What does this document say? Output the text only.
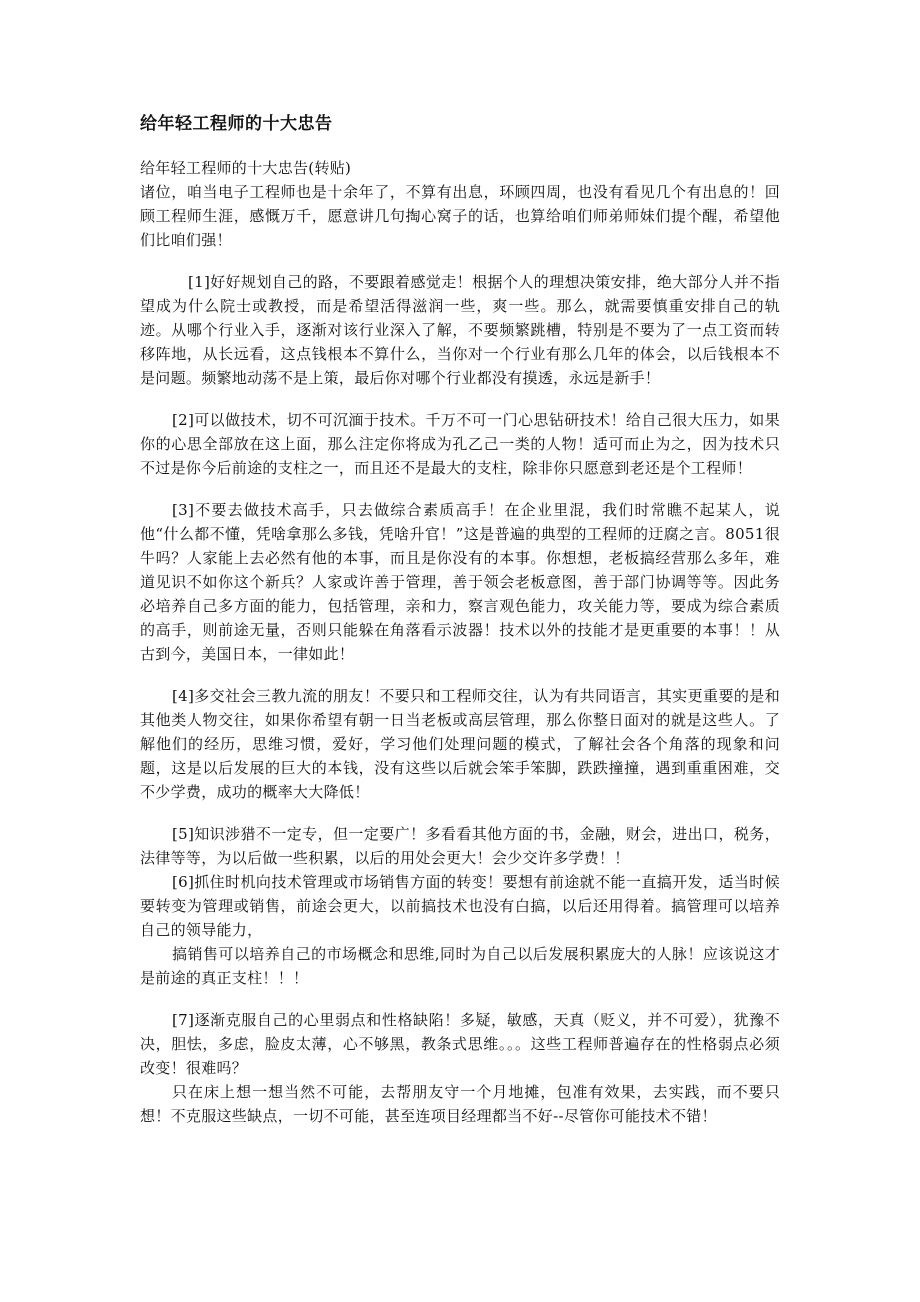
给年轻工程师的十大忠告

给年轻工程师的十大忠告(转贴)

诸位，咱当电子工程师也是十余年了，不算有出息，环顾四周，也没有看见几个有出息的！回顾工程师生涯，感慨万千，愿意讲几句掏心窝子的话，也算给咱们师弟师妹们提个醒，希望他们比咱们强！

[1]好好规划自己的路，不要跟着感觉走！根据个人的理想决策安排，绝大部分人并不指望成为什么院士或教授，而是希望活得滋润一些，爽一些。那么，就需要慎重安排自己的轨迹。从哪个行业入手，逐渐对该行业深入了解，不要频繁跳槽，特别是不要为了一点工资而转移阵地，从长远看，这点钱根本不算什么，当你对一个行业有那么几年的体会，以后钱根本不是问题。频繁地动荡不是上策，最后你对哪个行业都没有摸透，永远是新手！

[2]可以做技术，切不可沉湎于技术。千万不可一门心思钻研技术！给自己很大压力，如果你的心思全部放在这上面，那么注定你将成为孔乙己一类的人物！适可而止为之，因为技术只不过是你今后前途的支柱之一，而且还不是最大的支柱，除非你只愿意到老还是个工程师！

[3]不要去做技术高手，只去做综合素质高手！在企业里混，我们时常瞧不起某人，说他“什么都不懂，凭啥拿那么多钱，凭啥升官！”这是普遍的典型的工程师的迂腐之言。8051很牛吗？人家能上去必然有他的本事，而且是你没有的本事。你想想，老板搞经营那么多年，难道见识不如你这个新兵？人家或许善于管理，善于领会老板意图，善于部门协调等等。因此务必培养自己多方面的能力，包括管理，亲和力，察言观色能力，攻关能力等，要成为综合素质的高手，则前途无量，否则只能躲在角落看示波器！技术以外的技能才是更重要的本事！！从古到今，美国日本，一律如此！

[4]多交社会三教九流的朋友！不要只和工程师交往，认为有共同语言，其实更重要的是和其他类人物交往，如果你希望有朝一日当老板或高层管理，那么你整日面对的就是这些人。了解他们的经历，思维习惯，爱好，学习他们处理问题的模式，了解社会各个角落的现象和问题，这是以后发展的巨大的本钱，没有这些以后就会笨手笨脚，跌跌撞撞，遇到重重困难，交不少学费，成功的概率大大降低！

[5]知识涉猎不一定专，但一定要广！多看看其他方面的书，金融，财会，进出口，税务，法律等等，为以后做一些积累，以后的用处会更大！会少交许多学费！！

[6]抓住时机向技术管理或市场销售方面的转变！要想有前途就不能一直搞开发，适当时候要转变为管理或销售，前途会更大，以前搞技术也没有白搞，以后还用得着。搞管理可以培养自己的领导能力，

搞销售可以培养自己的市场概念和思维,同时为自己以后发展积累庞大的人脉！应该说这才是前途的真正支柱！！！

[7]逐渐克服自己的心里弱点和性格缺陷！多疑，敏感，天真（贬义，并不可爱），犹豫不决，胆怯，多虑，脸皮太薄，心不够黑，教条式思维。。。这些工程师普遍存在的性格弱点必须改变！很难吗？

只在床上想一想当然不可能，去帮朋友守一个月地摊，包准有效果，去实践，而不要只想！不克服这些缺点，一切不可能，甚至连项目经理都当不好--尽管你可能技术不错！
